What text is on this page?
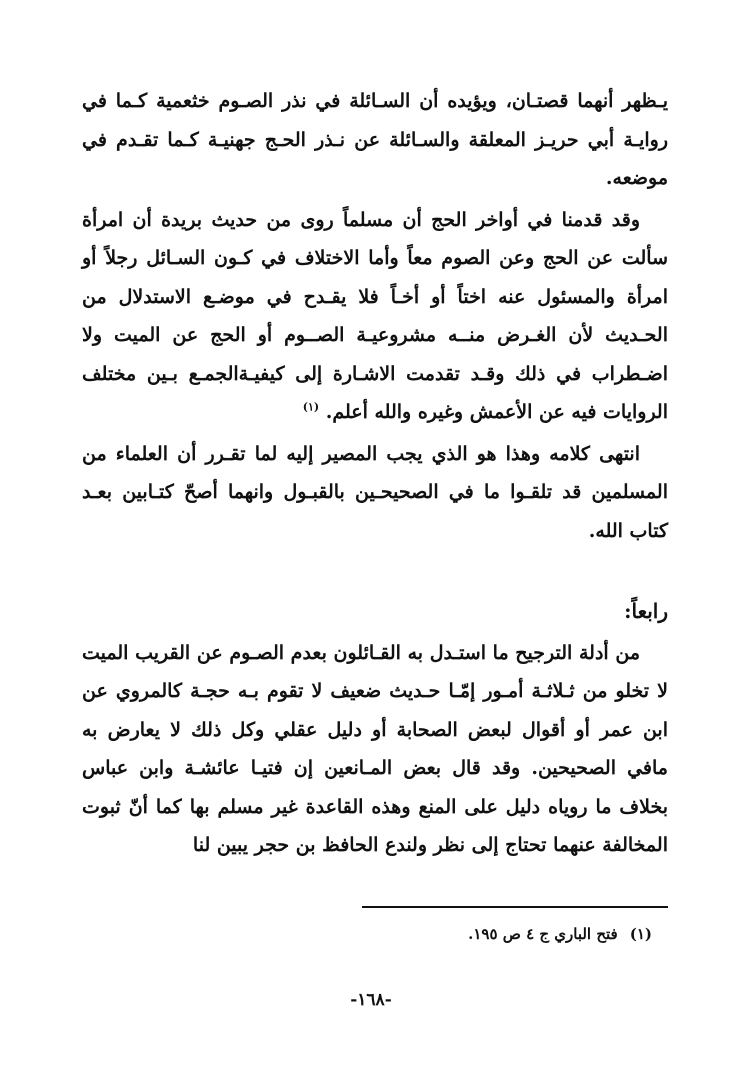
يـظهر أنهما قصتـان، ويؤيده أن السـائلة في نذر الصـوم خثعمية كـما في روايـة أبي حريـز المعلقة والسـائلة عن نـذر الحـج جهنيـة كـما تقـدم في موضعه.

وقد قدمنا في أواخر الحج أن مسلماً روى من حديث بريدة أن امرأة سألت عن الحج وعن الصوم معاً وأما الاختلاف في كـون السـائل رجلاً أو امرأة والمسئول عنه اختاً أو أخـاً فلا يقـدح في موضـع الاستدلال من الحـديث لأن الغـرض منــه مشروعيـة الصــوم أو الحج عن الميت ولا اضـطراب في ذلك وقـد تقدمت الاشـارة إلى كيفيـةالجمـع بـين مختلف الروايات فيه عن الأعمش وغيره والله أعلم. $^{(١)}$

انتهى كلامه وهذا هو الذي يجب المصير إليه لما تقـرر أن العلماء من المسلمين قد تلقـوا ما في الصحيحـين بالقبـول وانهما أصحّ كتـابين بعـد كتاب الله.

رابعاً:

من أدلة الترجيح ما استـدل به القـائلون بعدم الصـوم عن القريب الميت لا تخلو من ثـلاثـة أمـور إمّـا حـديث ضعيف لا تقوم بـه حجـة كالمروي عن ابن عمر أو أقوال لبعض الصحابة أو دليل عقلي وكل ذلك لا يعارض به مافي الصحيحين. وقد قال بعض المـانعين إن فتيـا عائشـة وابن عباس بخلاف ما روياه دليل على المنع وهذه القاعدة غير مسلم بها كما أنّ ثبوت المخالفة عنهما تحتاج إلى نظر ولندع الحافظ بن حجر يبين لنا

(١)فتح الباري ج ٤ ص ١٩٥.
-١٦٨-
